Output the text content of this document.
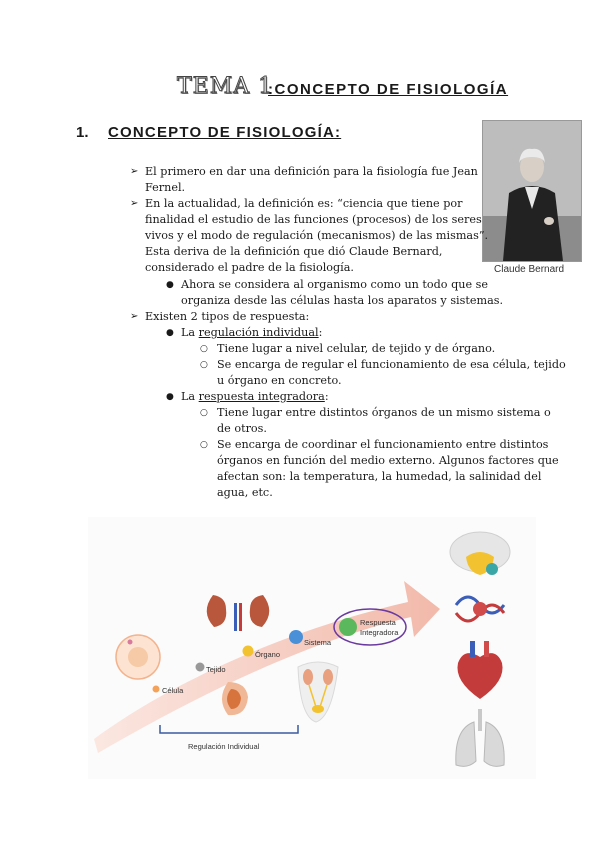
TEMA 1
:CONCEPTO DE FISIOLOGÍA
1. CONCEPTO DE FISIOLOGÍA:
Claude Bernard
➢ El primero en dar una definición para la fisiología fue Jean
Fernel.
➢ En la actualidad, la definición es: “ciencia que tiene por
finalidad el estudio de las funciones (procesos) de los seres
vivos y el modo de regulación (mecanismos) de las mismas”.
Esta deriva de la definición que dió Claude Bernard,
considerado el padre de la fisiología.
● Ahora se considera al organismo como un todo que se
organiza desde las células hasta los aparatos y sistemas.
➢ Existen 2 tipos de respuesta:
● La regulación individual:
○ Tiene lugar a nivel celular, de tejido y de órgano.
○ Se encarga de regular el funcionamiento de esa célula, tejido
u órgano en concreto.
● La respuesta integradora:
○ Tiene lugar entre distintos órganos de un mismo sistema o
de otros.
○ Se encarga de coordinar el funcionamiento entre distintos
órganos en función del medio externo. Algunos factores que
afectan son: la temperatura, la humedad, la salinidad del
agua, etc.
Célula
Tejido
Órgano
Sistema
Respuesta
Integradora
Regulación Individual
